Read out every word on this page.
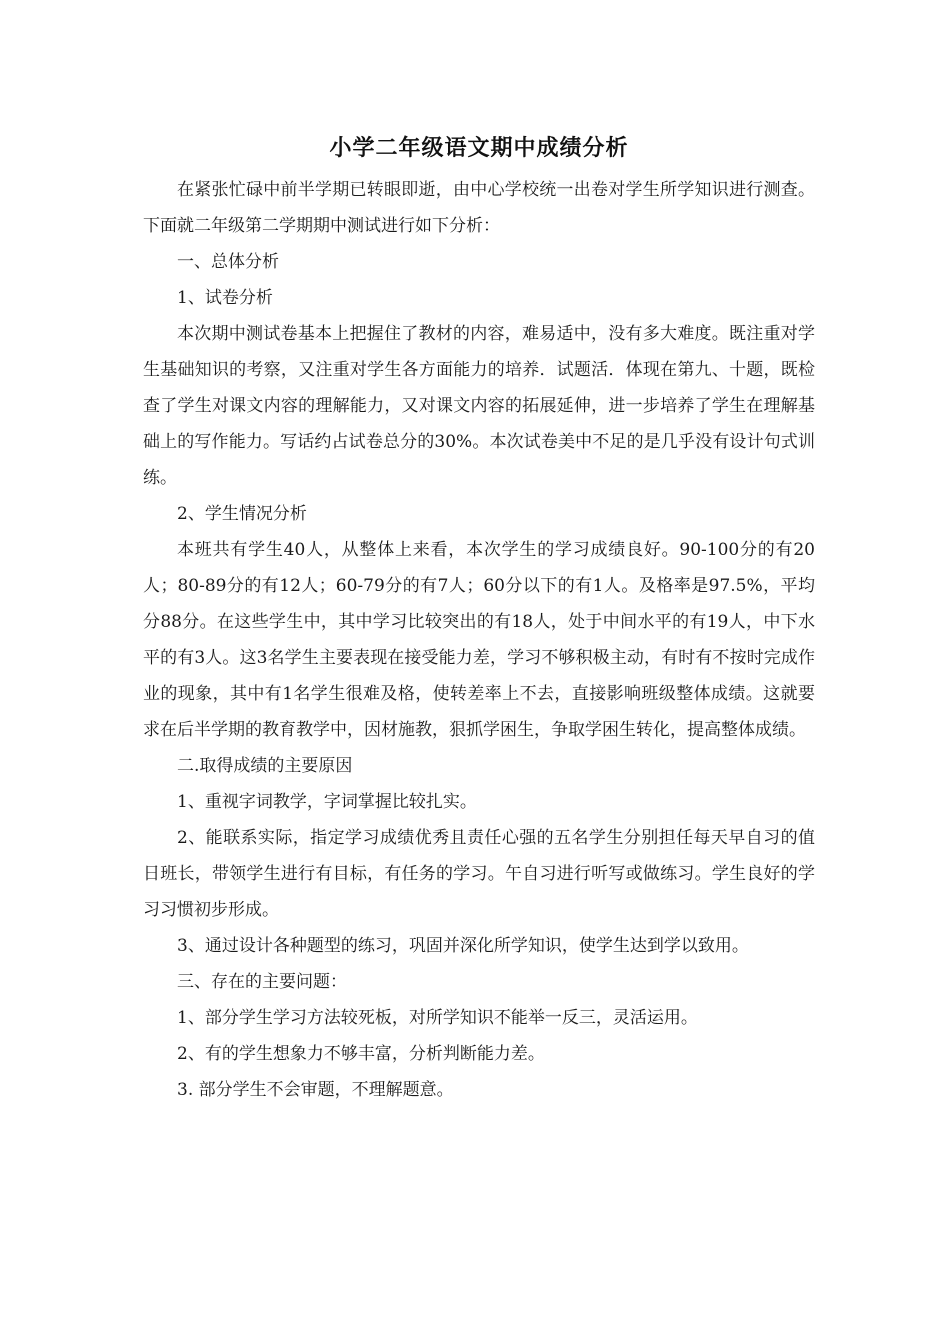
小学二年级语文期中成绩分析

在紧张忙碌中前半学期已转眼即逝，由中心学校统一出卷对学生所学知识进行测查。下面就二年级第二学期期中测试进行如下分析：

一、总体分析

1、试卷分析

本次期中测试卷基本上把握住了教材的内容，难易适中，没有多大难度。既注重对学生基础知识的考察，又注重对学生各方面能力的培养．试题活．体现在第九、十题，既检查了学生对课文内容的理解能力，又对课文内容的拓展延伸，进一步培养了学生在理解基础上的写作能力。写话约占试卷总分的30%。本次试卷美中不足的是几乎没有设计句式训练。

2、学生情况分析

本班共有学生40人，从整体上来看，本次学生的学习成绩良好。90-100分的有20人；80-89分的有12人；60-79分的有7人；60分以下的有1人。及格率是97.5%，平均分88分。在这些学生中，其中学习比较突出的有18人，处于中间水平的有19人，中下水平的有3人。这3名学生主要表现在接受能力差，学习不够积极主动，有时有不按时完成作业的现象，其中有1名学生很难及格，使转差率上不去，直接影响班级整体成绩。这就要求在后半学期的教育教学中，因材施教，狠抓学困生，争取学困生转化，提高整体成绩。

二.取得成绩的主要原因

1、重视字词教学，字词掌握比较扎实。

2、能联系实际，指定学习成绩优秀且责任心强的五名学生分别担任每天早自习的值日班长，带领学生进行有目标，有任务的学习。午自习进行听写或做练习。学生良好的学习习惯初步形成。

3、通过设计各种题型的练习，巩固并深化所学知识，使学生达到学以致用。

三、存在的主要问题：

1、部分学生学习方法较死板，对所学知识不能举一反三，灵活运用。

2、有的学生想象力不够丰富，分析判断能力差。

3. 部分学生不会审题，不理解题意。
